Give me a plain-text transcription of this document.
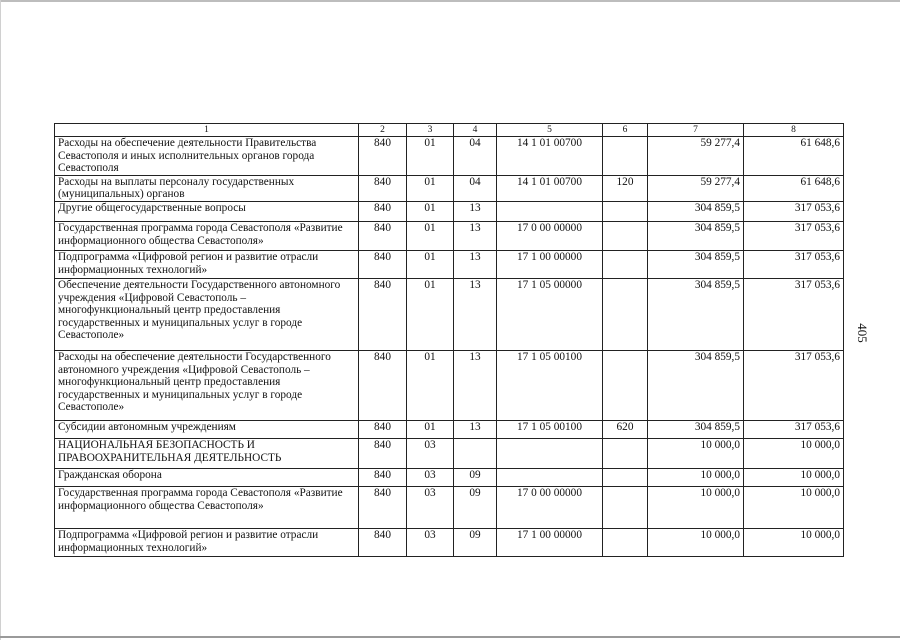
405
1	2	3	4	5	6	7	8
Расходы на обеспечение деятельности Правительства Севастополя и иных исполнительных органов города Севастополя	840	01	04	14 1 01 00700		59 277,4	61 648,6
Расходы на выплаты персоналу государственных (муниципальных) органов	840	01	04	14 1 01 00700	120	59 277,4	61 648,6
Другие общегосударственные вопросы	840	01	13			304 859,5	317 053,6
Государственная программа города Севастополя «Развитие информационного общества Севастополя»	840	01	13	17 0 00 00000		304 859,5	317 053,6
Подпрограмма «Цифровой регион и развитие отрасли информационных технологий»	840	01	13	17 1 00 00000		304 859,5	317 053,6
Обеспечение деятельности Государственного автономного учреждения «Цифровой Севастополь – многофункциональный центр предоставления государственных и муниципальных услуг в городе Севастополе»	840	01	13	17 1 05 00000		304 859,5	317 053,6
Расходы на обеспечение деятельности Государственного автономного учреждения «Цифровой Севастополь – многофункциональный центр предоставления государственных и муниципальных услуг в городе Севастополе»	840	01	13	17 1 05 00100		304 859,5	317 053,6
Субсидии автономным учреждениям	840	01	13	17 1 05 00100	620	304 859,5	317 053,6
НАЦИОНАЛЬНАЯ БЕЗОПАСНОСТЬ И ПРАВООХРАНИТЕЛЬНАЯ ДЕЯТЕЛЬНОСТЬ	840	03				10 000,0	10 000,0
Гражданская оборона	840	03	09			10 000,0	10 000,0
Государственная программа города Севастополя «Развитие информационного общества Севастополя»	840	03	09	17 0 00 00000		10 000,0	10 000,0
Подпрограмма «Цифровой регион и развитие отрасли информационных технологий»	840	03	09	17 1 00 00000		10 000,0	10 000,0
